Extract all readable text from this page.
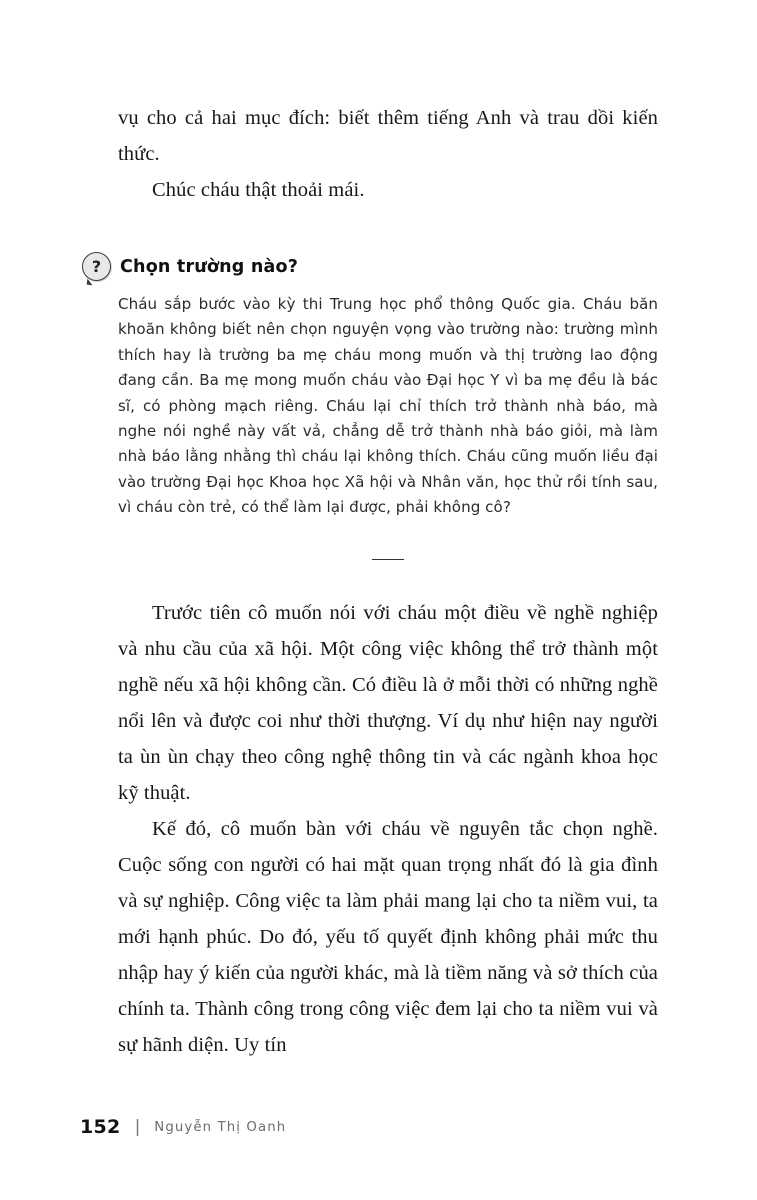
vụ cho cả hai mục đích: biết thêm tiếng Anh và trau dồi kiến thức.

Chúc cháu thật thoải mái.

?	Chọn trường nào?

Cháu sắp bước vào kỳ thi Trung học phổ thông Quốc gia. Cháu băn khoăn không biết nên chọn nguyện vọng vào trường nào: trường mình thích hay là trường ba mẹ cháu mong muốn và thị trường lao động đang cần. Ba mẹ mong muốn cháu vào Đại học Y vì ba mẹ đều là bác sĩ, có phòng mạch riêng. Cháu lại chỉ thích trở thành nhà báo, mà nghe nói nghề này vất vả, chẳng dễ trở thành nhà báo giỏi, mà làm nhà báo lằng nhằng thì cháu lại không thích. Cháu cũng muốn liều đại vào trường Đại học Khoa học Xã hội và Nhân văn, học thử rồi tính sau, vì cháu còn trẻ, có thể làm lại được, phải không cô?

Trước tiên cô muốn nói với cháu một điều về nghề nghiệp và nhu cầu của xã hội. Một công việc không thể trở thành một nghề nếu xã hội không cần. Có điều là ở mỗi thời có những nghề nổi lên và được coi như thời thượng. Ví dụ như hiện nay người ta ùn ùn chạy theo công nghệ thông tin và các ngành khoa học kỹ thuật.

Kế đó, cô muốn bàn với cháu về nguyên tắc chọn nghề. Cuộc sống con người có hai mặt quan trọng nhất đó là gia đình và sự nghiệp. Công việc ta làm phải mang lại cho ta niềm vui, ta mới hạnh phúc. Do đó, yếu tố quyết định không phải mức thu nhập hay ý kiến của người khác, mà là tiềm năng và sở thích của chính ta. Thành công trong công việc đem lại cho ta niềm vui và sự hãnh diện. Uy tín

152 | Nguyễn Thị Oanh
